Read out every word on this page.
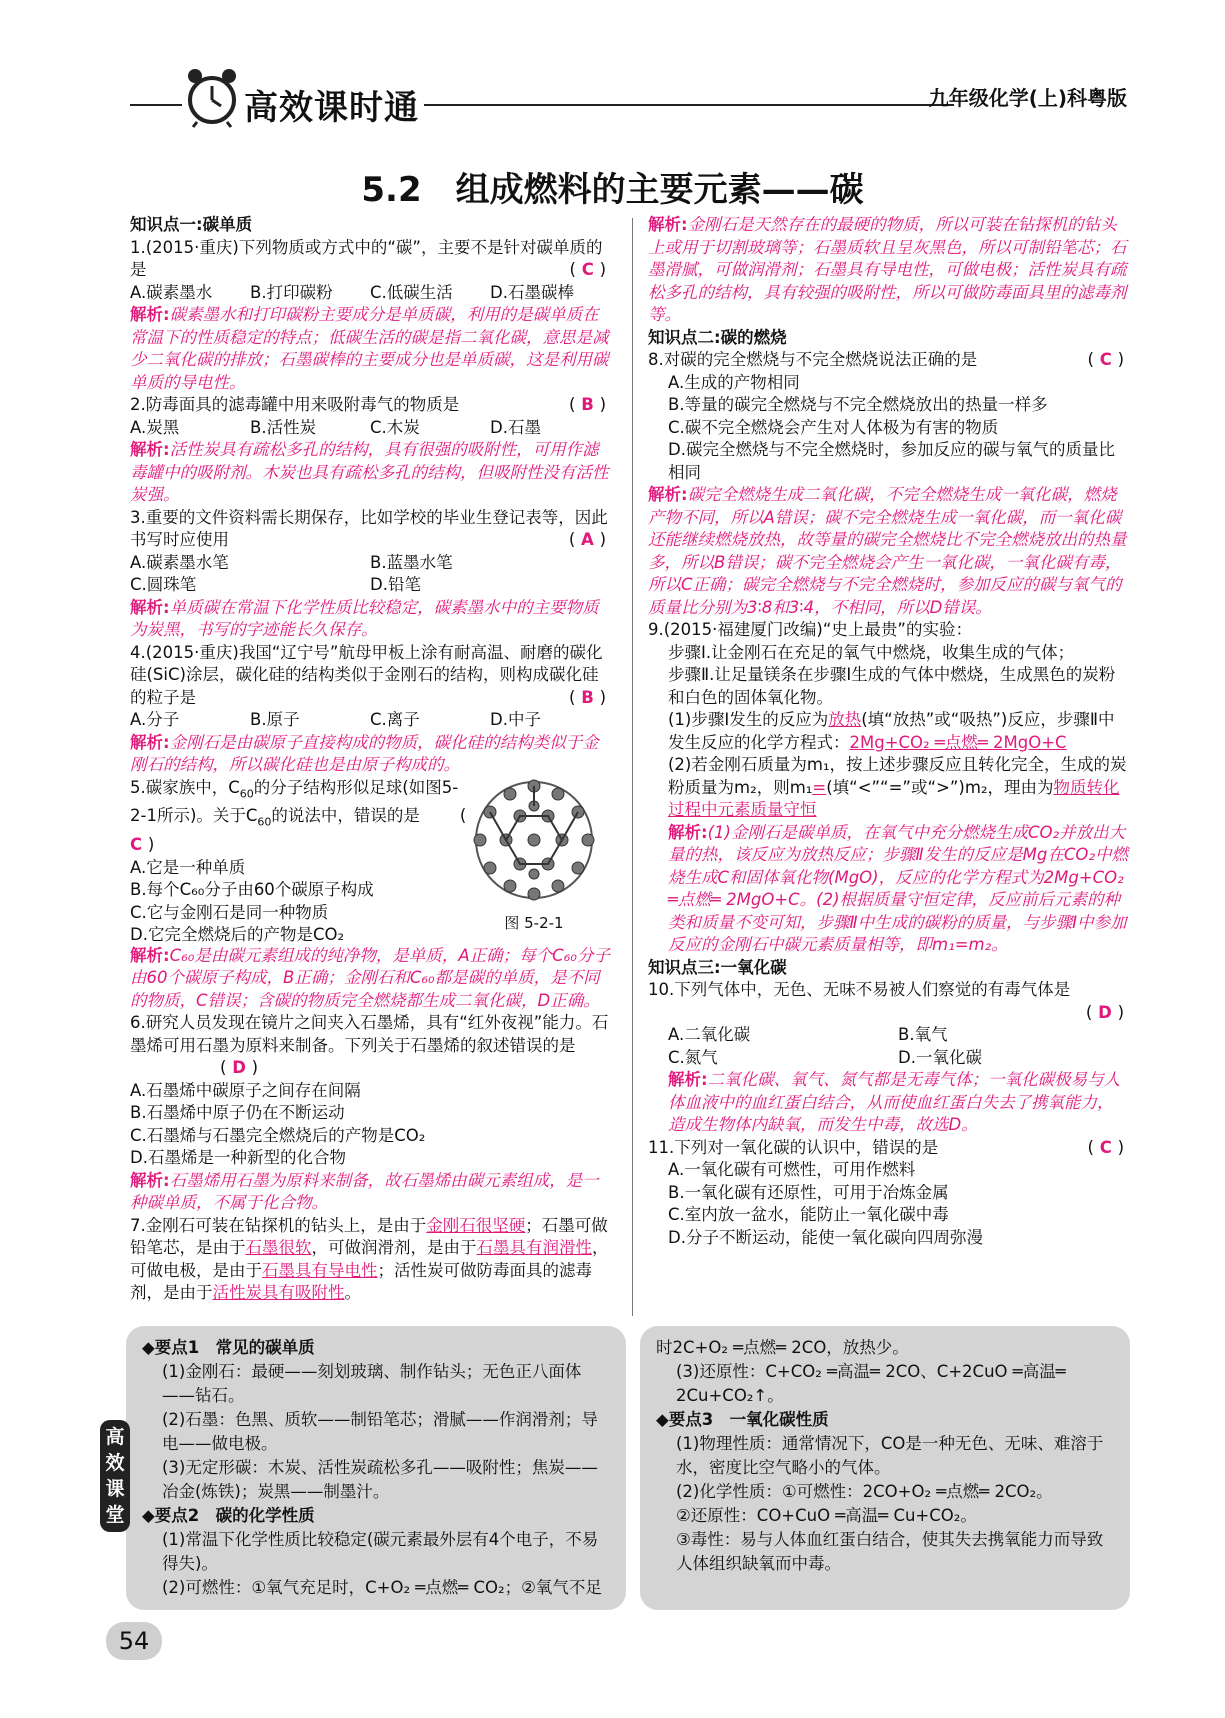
高效课时通	九年级化学(上)科粤版
5.2　组成燃料的主要元素——碳
知识点一:碳单质

1.(2015·重庆)下列物质或方式中的“碳”，主要不是针对碳单质的是	( C )

A.碳素墨水	B.打印碳粉	C.低碳生活	D.石墨碳棒
解析:碳素墨水和打印碳粉主要成分是单质碳，利用的是碳单质在常温下的性质稳定的特点；低碳生活的碳是指二氧化碳，意思是减少二氧化碳的排放；石墨碳棒的主要成分也是单质碳，这是利用碳单质的导电性。

2.防毒面具的滤毒罐中用来吸附毒气的物质是	( B )

A.炭黑	B.活性炭	C.木炭	D.石墨
解析:活性炭具有疏松多孔的结构，具有很强的吸附性，可用作滤毒罐中的吸附剂。木炭也具有疏松多孔的结构，但吸附性没有活性炭强。

3.重要的文件资料需长期保存，比如学校的毕业生登记表等，因此书写时应使用	( A )

A.碳素墨水笔	B.蓝墨水笔
C.圆珠笔	D.铅笔
解析:单质碳在常温下化学性质比较稳定，碳素墨水中的主要物质为炭黑，书写的字迹能长久保存。

4.(2015·重庆)我国“辽宁号”航母甲板上涂有耐高温、耐磨的碳化硅(SiC)涂层，碳化硅的结构类似于金刚石的结构，则构成碳化硅的粒子是	( B )

A.分子	B.原子	C.离子	D.中子
解析:金刚石是由碳原子直接构成的物质，碳化硅的结构类似于金刚石的结构，所以碳化硅也是由原子构成的。

5.碳家族中，$C_{60}$的分子结构形似足球(如图5-2-1所示)。关于$C_{60}$的说法中，错误的是 ( C )

A.它是一种单质
B.每个C₆₀分子由60个碳原子构成
C.它与金刚石是同一种物质
D.它完全燃烧后的产物是CO₂
解析:C₆₀是由碳元素组成的纯净物，是单质，A正确；每个C₆₀分子由60个碳原子构成，B正确；金刚石和C₆₀都是碳的单质，是不同的物质，C错误；含碳的物质完全燃烧都生成二氧化碳，D正确。

6.研究人员发现在镜片之间夹入石墨烯，具有“红外夜视”能力。石墨烯可用石墨为原料来制备。下列关于石墨烯的叙述错误的是( D )

A.石墨烯中碳原子之间存在间隔
B.石墨烯中原子仍在不断运动
C.石墨烯与石墨完全燃烧后的产物是CO₂
D.石墨烯是一种新型的化合物
解析:石墨烯用石墨为原料来制备，故石墨烯由碳元素组成，是一种碳单质，不属于化合物。
7.金刚石可装在钻探机的钻头上，是由于金刚石很坚硬；石墨可做铅笔芯，是由于石墨很软，可做润滑剂，是由于石墨具有润滑性，可做电极，是由于石墨具有导电性；活性炭可做防毒面具的滤毒剂，是由于活性炭具有吸附性。
图 5-2-1
解析:金刚石是天然存在的最硬的物质，所以可装在钻探机的钻头上或用于切割玻璃等；石墨质软且呈灰黑色，所以可制铅笔芯；石墨滑腻，可做润滑剂；石墨具有导电性，可做电极；活性炭具有疏松多孔的结构，具有较强的吸附性，所以可做防毒面具里的滤毒剂等。
知识点二:碳的燃烧

8.对碳的完全燃烧与不完全燃烧说法正确的是	( C )

A.生成的产物相同
B.等量的碳完全燃烧与不完全燃烧放出的热量一样多
C.碳不完全燃烧会产生对人体极为有害的物质
D.碳完全燃烧与不完全燃烧时，参加反应的碳与氧气的质量比相同
解析:碳完全燃烧生成二氧化碳，不完全燃烧生成一氧化碳，燃烧产物不同，所以A错误；碳不完全燃烧生成一氧化碳，而一氧化碳还能继续燃烧放热，故等量的碳完全燃烧比不完全燃烧放出的热量多，所以B错误；碳不完全燃烧会产生一氧化碳，一氧化碳有毒，所以C正确；碳完全燃烧与不完全燃烧时，参加反应的碳与氧气的质量比分别为3∶8和3∶4，不相同，所以D错误。
9.(2015·福建厦门改编)“史上最贵”的实验：
步骤Ⅰ.让金刚石在充足的氧气中燃烧，收集生成的气体；
步骤Ⅱ.让足量镁条在步骤Ⅰ生成的气体中燃烧，生成黑色的炭粉和白色的固体氧化物。
(1)步骤Ⅰ发生的反应为放热(填“放热”或“吸热”)反应，步骤Ⅱ中发生反应的化学方程式：2Mg+CO₂ ═点燃═ 2MgO+C
(2)若金刚石质量为m₁，按上述步骤反应且转化完全，生成的炭粉质量为m₂，则m₁=(填“<”“=”或“>”)m₂，理由为物质转化过程中元素质量守恒
解析:(1)金刚石是碳单质，在氧气中充分燃烧生成CO₂并放出大量的热，该反应为放热反应；步骤Ⅱ发生的反应是Mg在CO₂中燃烧生成C和固体氧化物(MgO)，反应的化学方程式为2Mg+CO₂ ═点燃═ 2MgO+C。(2)根据质量守恒定律，反应前后元素的种类和质量不变可知，步骤Ⅱ中生成的碳粉的质量，与步骤Ⅰ中参加反应的金刚石中碳元素质量相等，即m₁=m₂。
知识点三:一氧化碳

10.下列气体中，无色、无味不易被人们察觉的有毒气体是

( D )
A.二氧化碳	B.氧气
C.氮气	D.一氧化碳
解析:二氧化碳、氧气、氮气都是无毒气体；一氧化碳极易与人体血液中的血红蛋白结合，从而使血红蛋白失去了携氧能力，造成生物体内缺氧，而发生中毒，故选D。

11.下列对一氧化碳的认识中，错误的是	( C )

A.一氧化碳有可燃性，可用作燃料
B.一氧化碳有还原性，可用于冶炼金属
C.室内放一盆水，能防止一氧化碳中毒
D.分子不断运动，能使一氧化碳向四周弥漫
◆要点1　常见的碳单质
(1)金刚石：最硬——刻划玻璃、制作钻头；无色正八面体——钻石。
(2)石墨：色黑、质软——制铅笔芯；滑腻——作润滑剂；导电——做电极。
(3)无定形碳：木炭、活性炭疏松多孔——吸附性；焦炭——冶金(炼铁)；炭黑——制墨汁。
◆要点2　碳的化学性质
(1)常温下化学性质比较稳定(碳元素最外层有4个电子，不易得失)。
(2)可燃性：①氧气充足时，C+O₂ ═点燃═ CO₂；②氧气不足
时2C+O₂ ═点燃═ 2CO，放热少。
(3)还原性：C+CO₂ ═高温═ 2CO、C+2CuO ═高温═ 2Cu+CO₂↑。
◆要点3　一氧化碳性质
(1)物理性质：通常情况下，CO是一种无色、无味、难溶于水，密度比空气略小的气体。
(2)化学性质：①可燃性：2CO+O₂ ═点燃═ 2CO₂。
②还原性：CO+CuO ═高温═ Cu+CO₂。
③毒性：易与人体血红蛋白结合，使其失去携氧能力而导致人体组织缺氧而中毒。
高
效
课
堂
54
